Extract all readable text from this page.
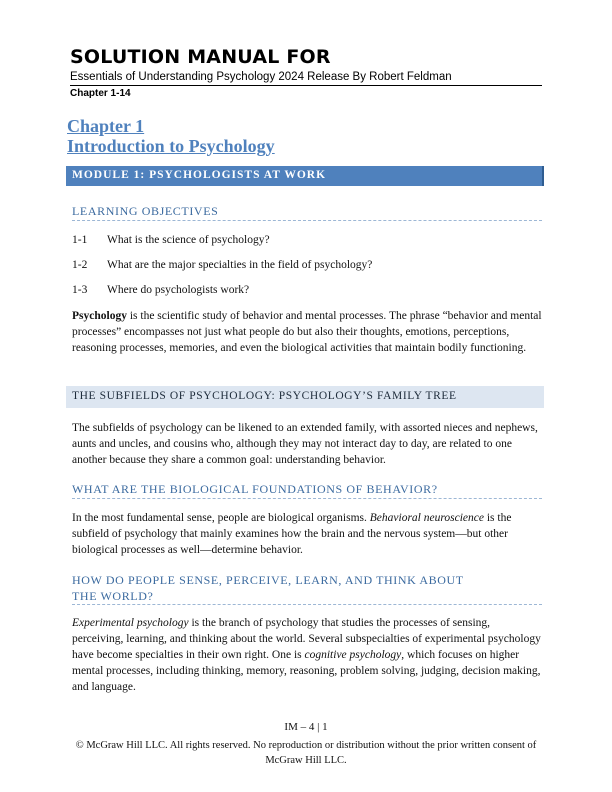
SOLUTION MANUAL FOR
Essentials of Understanding Psychology 2024 Release By Robert Feldman
Chapter 1-14
Chapter 1
Introduction to Psychology
MODULE 1: PSYCHOLOGISTS AT WORK
LEARNING OBJECTIVES
1-1 What is the science of psychology?
1-2 What are the major specialties in the field of psychology?
1-3 Where do psychologists work?
Psychology is the scientific study of behavior and mental processes. The phrase “behavior and mental processes” encompasses not just what people do but also their thoughts, emotions, perceptions, reasoning processes, memories, and even the biological activities that maintain bodily functioning.
THE SUBFIELDS OF PSYCHOLOGY: PSYCHOLOGY’S FAMILY TREE
The subfields of psychology can be likened to an extended family, with assorted nieces and nephews, aunts and uncles, and cousins who, although they may not interact day to day, are related to one another because they share a common goal: understanding behavior.
WHAT ARE THE BIOLOGICAL FOUNDATIONS OF BEHAVIOR?
In the most fundamental sense, people are biological organisms. Behavioral neuroscience is the subfield of psychology that mainly examines how the brain and the nervous system—but other biological processes as well—determine behavior.
HOW DO PEOPLE SENSE, PERCEIVE, LEARN, AND THINK ABOUT THE WORLD?
Experimental psychology is the branch of psychology that studies the processes of sensing, perceiving, learning, and thinking about the world. Several subspecialties of experimental psychology have become specialties in their own right. One is cognitive psychology, which focuses on higher mental processes, including thinking, memory, reasoning, problem solving, judging, decision making, and language.
IM – 4 | 1
© McGraw Hill LLC. All rights reserved. No reproduction or distribution without the prior written consent of McGraw Hill LLC.
